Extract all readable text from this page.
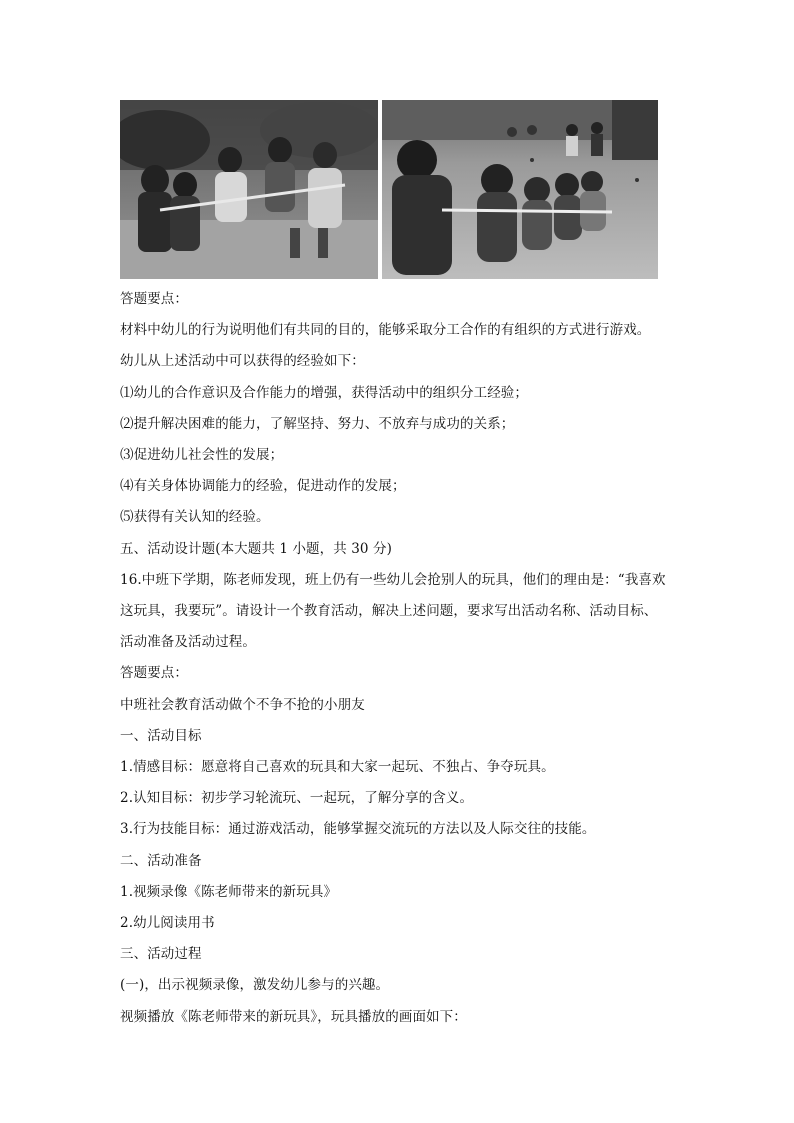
答题要点：
材料中幼儿的行为说明他们有共同的目的，能够采取分工合作的有组织的方式进行游戏。
幼儿从上述活动中可以获得的经验如下：
⑴幼儿的合作意识及合作能力的增强，获得活动中的组织分工经验；
⑵提升解决困难的能力，了解坚持、努力、不放弃与成功的关系；
⑶促进幼儿社会性的发展；
⑷有关身体协调能力的经验，促进动作的发展；
⑸获得有关认知的经验。
五、活动设计题(本大题共 1 小题，共 30 分)
16.中班下学期，陈老师发现，班上仍有一些幼儿会抢别人的玩具，他们的理由是：“我喜欢
这玩具，我要玩”。请设计一个教育活动，解决上述问题，要求写出活动名称、活动目标、
活动准备及活动过程。
答题要点：
中班社会教育活动做个不争不抢的小朋友
一、活动目标
1.情感目标：愿意将自己喜欢的玩具和大家一起玩、不独占、争夺玩具。
2.认知目标：初步学习轮流玩、一起玩，了解分享的含义。
3.行为技能目标：通过游戏活动，能够掌握交流玩的方法以及人际交往的技能。
二、活动准备
1.视频录像《陈老师带来的新玩具》
2.幼儿阅读用书
三、活动过程
(一)，出示视频录像，激发幼儿参与的兴趣。
视频播放《陈老师带来的新玩具》，玩具播放的画面如下：
